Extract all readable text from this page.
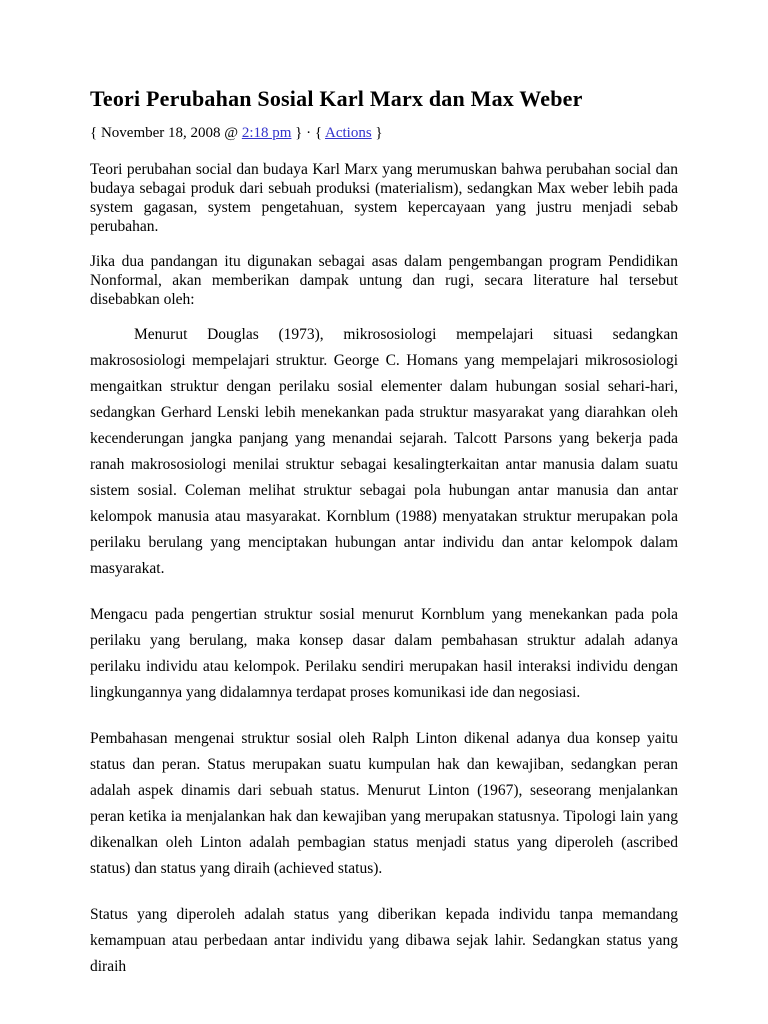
Teori Perubahan Sosial Karl Marx dan Max Weber
{ November 18, 2008 @ 2:18 pm } · { Actions }

Teori perubahan social dan budaya Karl Marx yang merumuskan bahwa perubahan social dan budaya sebagai produk dari sebuah produksi (materialism), sedangkan Max weber lebih pada system gagasan, system pengetahuan, system kepercayaan yang justru menjadi sebab perubahan.

Jika dua pandangan itu digunakan sebagai asas dalam pengembangan program Pendidikan Nonformal, akan memberikan dampak untung dan rugi, secara literature hal tersebut disebabkan oleh:

Menurut Douglas (1973), mikrososiologi mempelajari situasi sedangkan makrososiologi mempelajari struktur. George C. Homans yang mempelajari mikrososiologi mengaitkan struktur dengan perilaku sosial elementer dalam hubungan sosial sehari-hari, sedangkan Gerhard Lenski lebih menekankan pada struktur masyarakat yang diarahkan oleh kecenderungan jangka panjang yang menandai sejarah. Talcott Parsons yang bekerja pada ranah makrososiologi menilai struktur sebagai kesalingterkaitan antar manusia dalam suatu sistem sosial. Coleman melihat struktur sebagai pola hubungan antar manusia dan antar kelompok manusia atau masyarakat. Kornblum (1988) menyatakan struktur merupakan pola perilaku berulang yang menciptakan hubungan antar individu dan antar kelompok dalam masyarakat.

Mengacu pada pengertian struktur sosial menurut Kornblum yang menekankan pada pola perilaku yang berulang, maka konsep dasar dalam pembahasan struktur adalah adanya perilaku individu atau kelompok. Perilaku sendiri merupakan hasil interaksi individu dengan lingkungannya yang didalamnya terdapat proses komunikasi ide dan negosiasi.

Pembahasan mengenai struktur sosial oleh Ralph Linton dikenal adanya dua konsep yaitu status dan peran. Status merupakan suatu kumpulan hak dan kewajiban, sedangkan peran adalah aspek dinamis dari sebuah status. Menurut Linton (1967), seseorang menjalankan peran ketika ia menjalankan hak dan kewajiban yang merupakan statusnya. Tipologi lain yang dikenalkan oleh Linton adalah pembagian status menjadi status yang diperoleh (ascribed status) dan status yang diraih (achieved status).

Status yang diperoleh adalah status yang diberikan kepada individu tanpa memandang kemampuan atau perbedaan antar individu yang dibawa sejak lahir. Sedangkan status yang diraih
